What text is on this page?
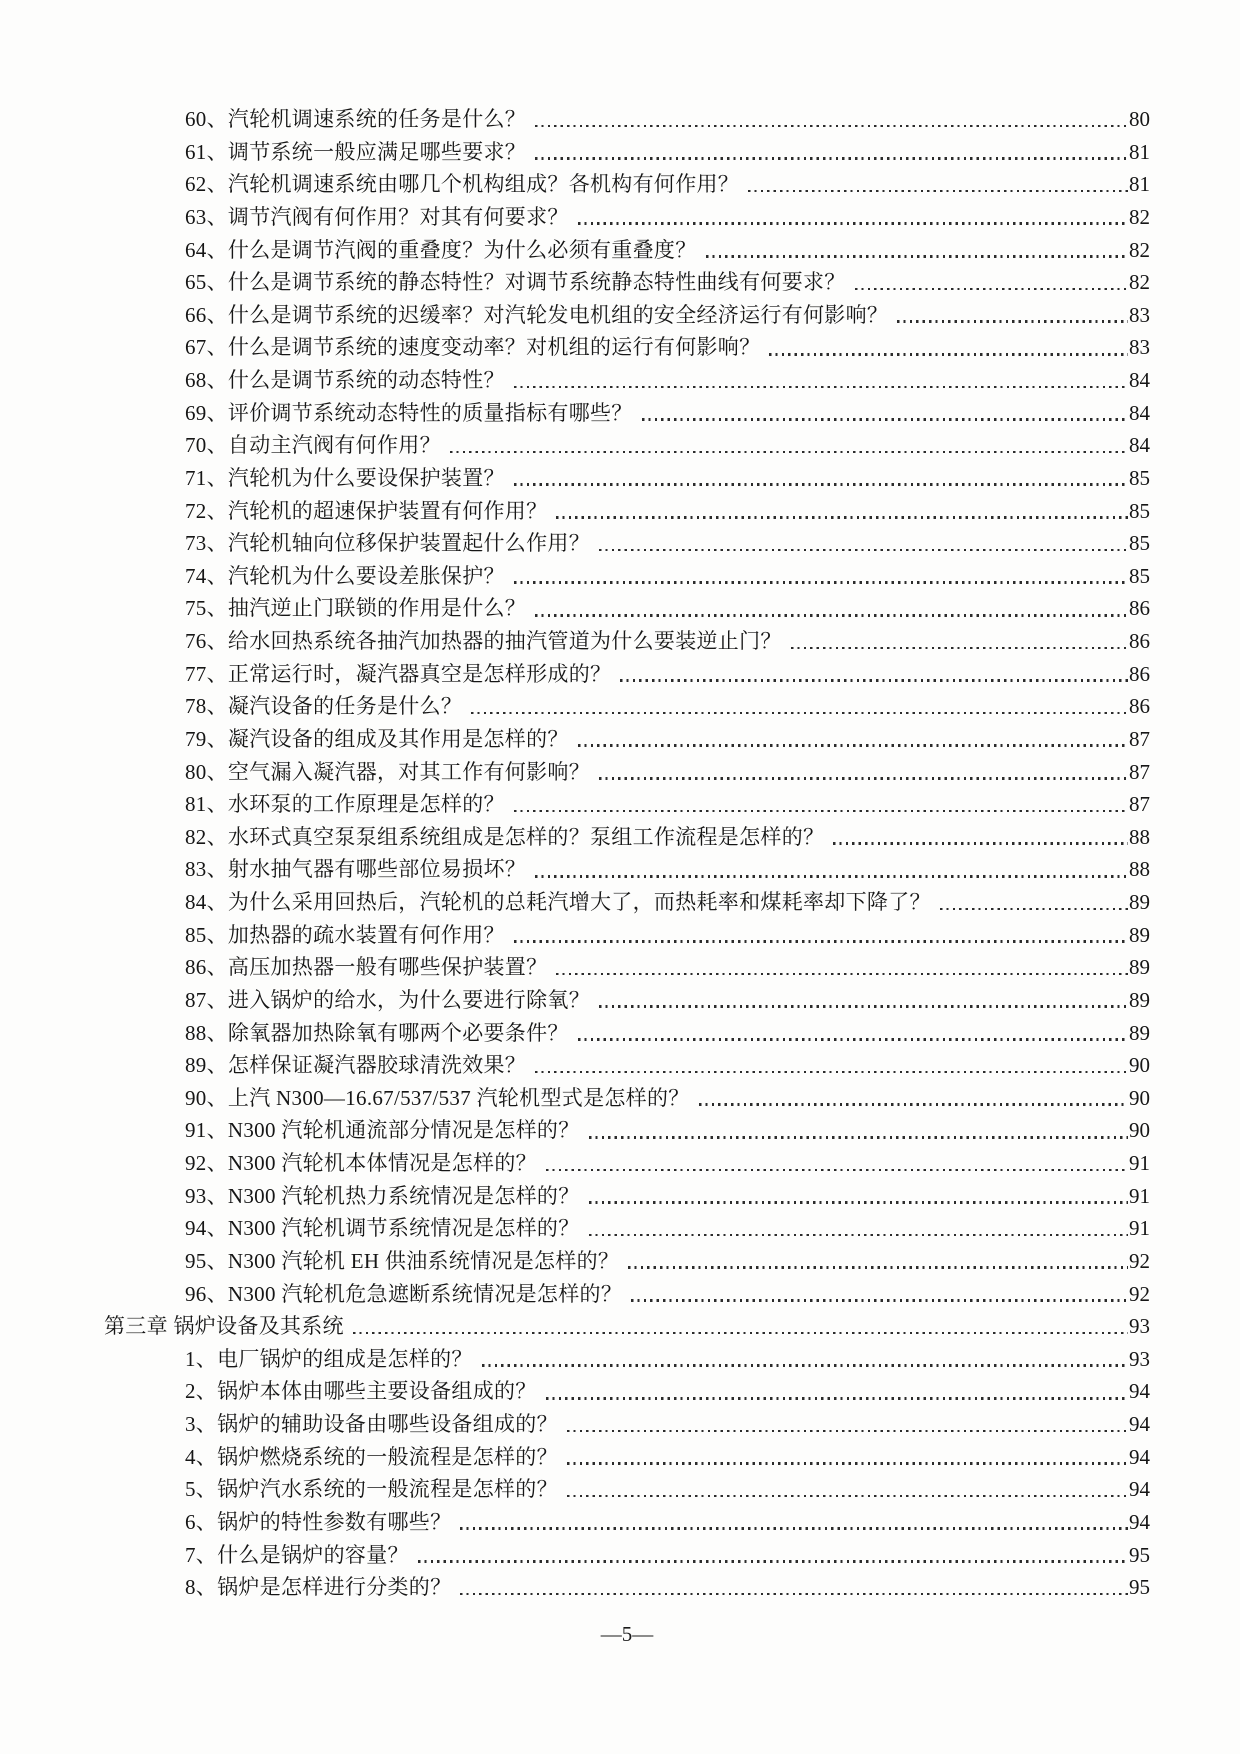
60、汽轮机调速系统的任务是什么？	80
61、调节系统一般应满足哪些要求？	81
62、汽轮机调速系统由哪几个机构组成？各机构有何作用？	81
63、调节汽阀有何作用？对其有何要求？	82
64、什么是调节汽阀的重叠度？为什么必须有重叠度？	82
65、什么是调节系统的静态特性？对调节系统静态特性曲线有何要求？	82
66、什么是调节系统的迟缓率？对汽轮发电机组的安全经济运行有何影响？	83
67、什么是调节系统的速度变动率？对机组的运行有何影响？	83
68、什么是调节系统的动态特性？	84
69、评价调节系统动态特性的质量指标有哪些？	84
70、自动主汽阀有何作用？	84
71、汽轮机为什么要设保护装置？	85
72、汽轮机的超速保护装置有何作用？	85
73、汽轮机轴向位移保护装置起什么作用？	85
74、汽轮机为什么要设差胀保护？	85
75、抽汽逆止门联锁的作用是什么？	86
76、给水回热系统各抽汽加热器的抽汽管道为什么要装逆止门？	86
77、正常运行时，凝汽器真空是怎样形成的？	86
78、凝汽设备的任务是什么？	86
79、凝汽设备的组成及其作用是怎样的？	87
80、空气漏入凝汽器，对其工作有何影响？	87
81、水环泵的工作原理是怎样的？	87
82、水环式真空泵泵组系统组成是怎样的？泵组工作流程是怎样的？	88
83、射水抽气器有哪些部位易损坏？	88
84、为什么采用回热后，汽轮机的总耗汽增大了，而热耗率和煤耗率却下降了？	89
85、加热器的疏水装置有何作用？	89
86、高压加热器一般有哪些保护装置？	89
87、进入锅炉的给水，为什么要进行除氧？	89
88、除氧器加热除氧有哪两个必要条件？	89
89、怎样保证凝汽器胶球清洗效果？	90
90、上汽 N300—16.67/537/537 汽轮机型式是怎样的？	90
91、N300 汽轮机通流部分情况是怎样的？	90
92、N300 汽轮机本体情况是怎样的？	91
93、N300 汽轮机热力系统情况是怎样的？	91
94、N300 汽轮机调节系统情况是怎样的？	91
95、N300 汽轮机 EH 供油系统情况是怎样的？	92
96、N300 汽轮机危急遮断系统情况是怎样的？	92
第三章 锅炉设备及其系统	93
1、电厂锅炉的组成是怎样的？	93
2、锅炉本体由哪些主要设备组成的？	94
3、锅炉的辅助设备由哪些设备组成的？	94
4、锅炉燃烧系统的一般流程是怎样的？	94
5、锅炉汽水系统的一般流程是怎样的？	94
6、锅炉的特性参数有哪些？	94
7、什么是锅炉的容量？	95
8、锅炉是怎样进行分类的？	95
—5—
